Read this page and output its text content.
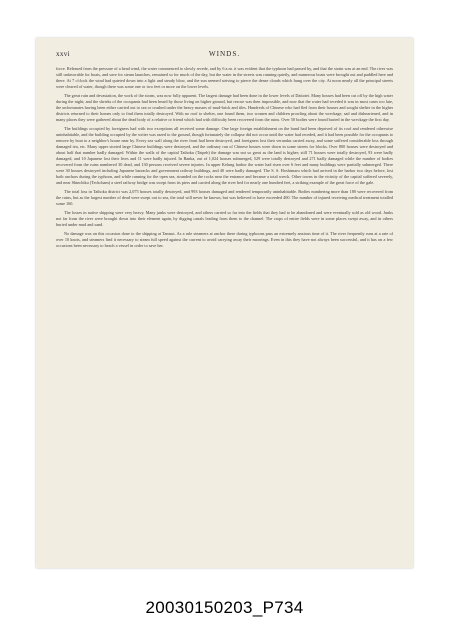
xxvi	WINDS.

force. Released from the pressure of a head wind, the water commenced to slowly recede, and by 6 a.m. it was evident that the typhoon had passed by, and that the strain was at an end. The river was still unfavorable for boats, and save for steam launches, remained so for much of the day, but the water in the streets was running quietly, and numerous boats were brought out and paddled here and there. At 7 o'clock the wind had quieted down into a light and steady blow, and the sun seemed striving to pierce the dense clouds which hung over the city. At noon nearly all the principal streets were cleared of water, though there was some one or two feet or more on the lower levels.

The great ruin and devastation, the work of the storm, was now fully apparent. The largest damage had been done in the lower levels of Daitotei. Many houses had been cut off by the high water during the night; and the shrieks of the occupants had been heard by those living on higher ground, but rescue was then impossible, and now that the water had receded it was in most cases too late, the unfortunates having been either carried out to sea or crushed under the heavy masses of mud-brick and tiles. Hundreds of Chinese who had fled from their houses and sought shelter in the higher districts returned to their homes only to find them totally destroyed. With no roof to shelter, one found them, two women and children prowling about the wreckage, sad and disheartened, and in many places they were gathered about the dead body of a relative or friend which had with difficulty been recovered from the ruins. Over 50 bodies were found buried in the wreckage the first day.

The buildings occupied by foreigners had with two exceptions all received some damage. One large foreign establishment on the bund had been deprived of its roof and rendered otherwise uninhabitable, and the building occupied by the writer was razed to the ground, though fortunately the collapse did not occur until the water had receded, and it had been possible for the occupants to remove by boat to a neighbor's house near by. Every sea wall along the river front had been destroyed, and foreigners lost their verandas carried away, and some suffered considerable loss through damaged tea, etc. Many upper storied large Chinese buildings were destroyed, and the ordinary run of Chinese houses were down in some streets for blocks. Over 800 houses were destroyed and about half that number badly damaged. Within the walls of the capital Taihoku (Taipeh) the damage was not so great as the land is higher; still 71 houses were totally destroyed, 93 were badly damaged, and 10 Japanese lost their lives and 11 were badly injured. In Banka, out of 1,024 houses submerged, 529 were totally destroyed and 271 badly damaged while the number of bodies recovered from the ruins numbered 30 dead, and 130 persons received severe injuries. In upper Kelung harbor the water had risen over 6 feet and many buildings were partially submerged. There were 30 houses destroyed including Japanese barracks and government railway buildings, and 40 were badly damaged. The S. S. Hoshimaru which had arrived in the harbor two days before, lost both anchors during the typhoon, and while running for the open sea, stranded on the rocks near the entrance and became a total wreck. Other towns in the vicinity of the capital suffered severely, and near Shinchiku (Teckcham) a steel railway bridge was swept from its piers and carried along the river bed for nearly one hundred feet, a striking example of the great force of the gale.

The total loss in Taihoku district was 2,075 houses totally destroyed, and 993 houses damaged and rendered temporarily uninhabitable. Bodies numbering more than 180 were recovered from the ruins, but as the largest number of dead were swept out to sea, the total will never be known, but was believed to have exceeded 400. The number of injured receiving medical treatment totalled some 160.

The losses in native shipping were very heavy. Many junks were destroyed, and others carried so far into the fields that they had to be abandoned and were eventually sold as old wood. Junks not far from the river were brought down into their element again, by digging canals leading from them to the channel. The crops of entire fields were in some places swept away, and in others buried under mud and sand.

No damage was on this occasion done to the shipping at Tamsui. As a rule steamers at anchor there during typhoons pass an extremely anxious time of it. The river frequently runs at a rate of over 10 knots, and steamers find it necessary to steam full speed against the current to avoid carrying away their moorings. Even in this they have not always been successful, and it has on a few occasions been necessary to beach a vessel in order to save her.

20030150203_P734
